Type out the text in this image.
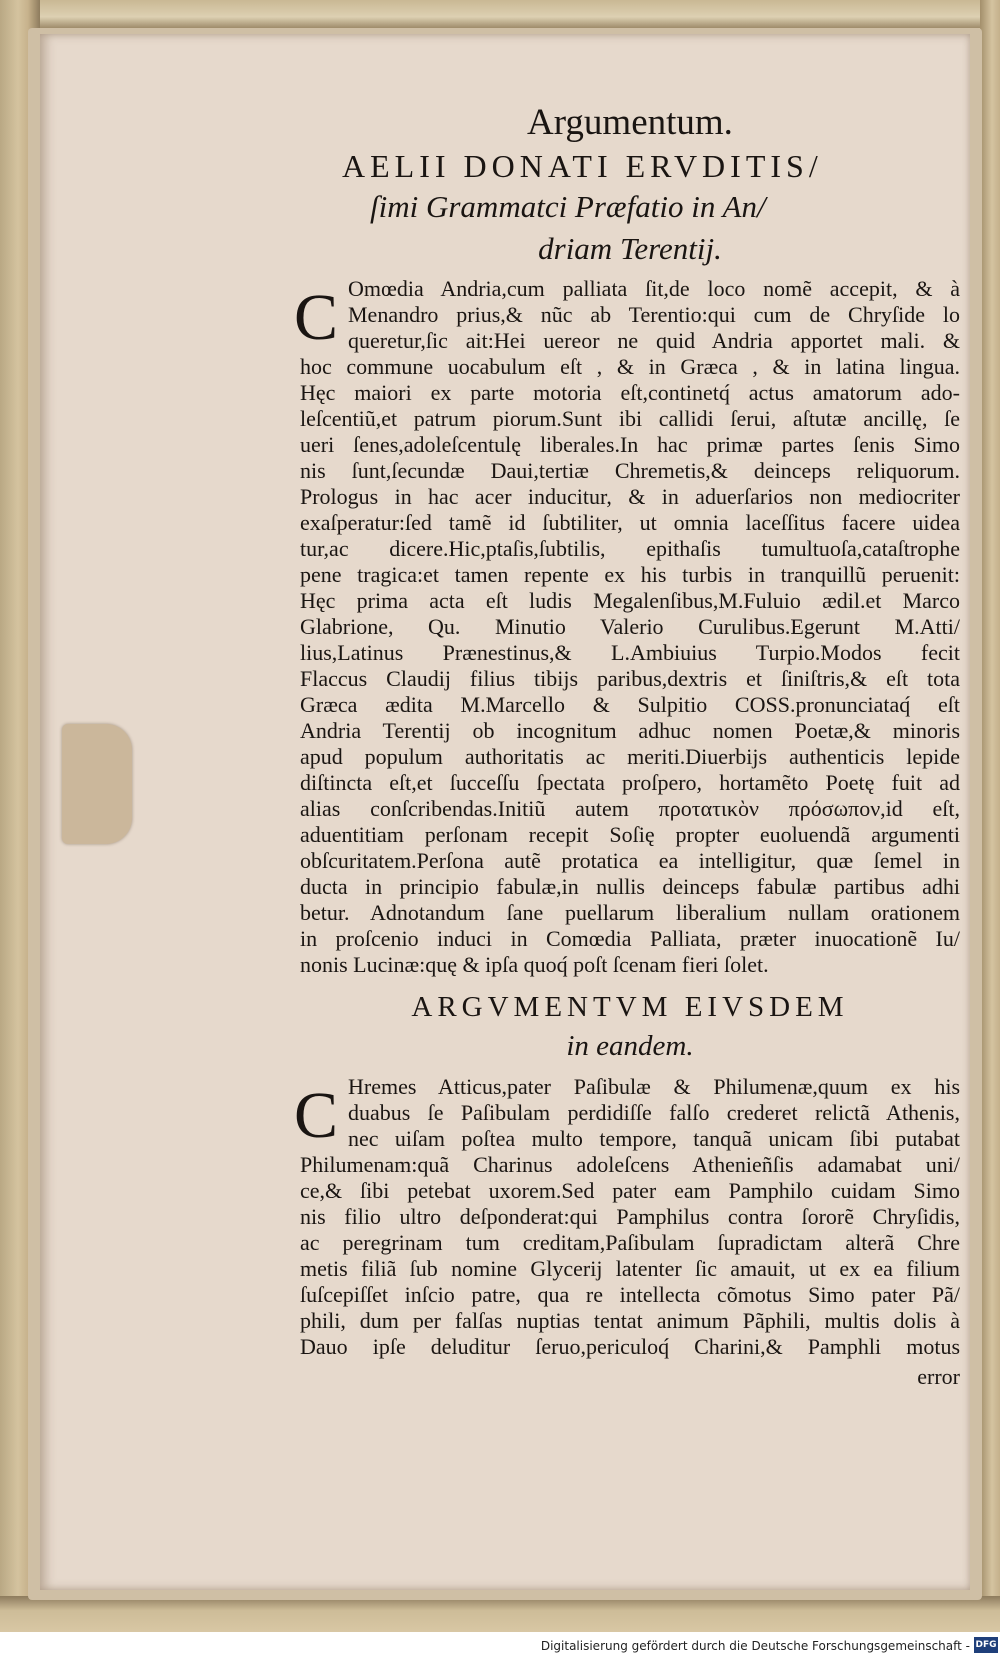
Argumentum.

AELII DONATI ERVDITIS/

ſimi Grammatci Præfatio in An/

driam Terentij.

C Omœdia Andria,cum palliata ſit,de loco nomẽ accepit, & à
Menandro prius,& nũc ab Terentio:qui cum de Chryſide lo
queretur,ſic ait:Hei uereor ne quid Andria apportet mali. &
hoc commune uocabulum eſt , & in Græca , & in latina lingua.
Hęc maiori ex parte motoria eſt,continetq́ actus amatorum ado-
leſcentiũ,et patrum piorum.Sunt ibi callidi ſerui, aſtutæ ancillę, ſe
ueri ſenes,adoleſcentulę liberales.In hac primæ partes ſenis Simo
nis ſunt,ſecundæ Daui,tertiæ Chremetis,& deinceps reliquorum.
Prologus in hac acer inducitur, & in aduerſarios non mediocriter
exaſperatur:ſed tamẽ id ſubtiliter, ut omnia laceſſitus facere uidea
tur,ac dicere.Hic,ptaſis,ſubtilis, epithaſis tumultuoſa,cataſtrophe
pene tragica:et tamen repente ex his turbis in tranquillũ peruenit:
Hęc prima acta eſt ludis Megalenſibus,M.Fuluio ædil.et Marco
Glabrione, Qu. Minutio Valerio Curulibus.Egerunt M.Atti/
lius,Latinus Prænestinus,& L.Ambiuius Turpio.Modos fecit
Flaccus Claudij filius tibijs paribus,dextris et ſiniſtris,& eſt tota
Græca ædita M.Marcello & Sulpitio COSS.pronunciataq́ eſt
Andria Terentij ob incognitum adhuc nomen Poetæ,& minoris
apud populum authoritatis ac meriti.Diuerbijs authenticis lepide
diſtincta eſt,et ſucceſſu ſpectata proſpero, hortamẽto Poetę fuit ad
alias conſcribendas.Initiũ autem προτατικὸν πρόσωπον,id eſt,
aduentitiam perſonam recepit Soſię propter euoluendã argumenti
obſcuritatem.Perſona autẽ protatica ea intelligitur, quæ ſemel in
ducta in principio fabulæ,in nullis deinceps fabulæ partibus adhi
betur. Adnotandum ſane puellarum liberalium nullam orationem
in proſcenio induci in Comœdia Palliata, præter inuocationẽ Iu/
nonis Lucinæ:quę & ipſa quoq́ poſt ſcenam fieri ſolet.

ARGVMENTVM EIVSDEM

in eandem.

C Hremes Atticus,pater Paſibulæ & Philumenæ,quum ex his
duabus ſe Paſibulam perdidiſſe falſo crederet relictã Athenis,
nec uiſam poſtea multo tempore, tanquã unicam ſibi putabat
Philumenam:quã Charinus adoleſcens Athenieñſis adamabat uni/
ce,& ſibi petebat uxorem.Sed pater eam Pamphilo cuidam Simo
nis filio ultro deſponderat:qui Pamphilus contra ſororẽ Chryſidis,
ac peregrinam tum creditam,Paſibulam ſupradictam alterã Chre
metis filiã ſub nomine Glycerij latenter ſic amauit, ut ex ea filium
ſuſcepiſſet inſcio patre, qua re intellecta cõmotus Simo pater Pã/
phili, dum per falſas nuptias tentat animum Pãphili, multis dolis à
Dauo ipſe deluditur ſeruo,periculoq́ Charini,& Pamphli motus
error
Digitalisierung gefördert durch die Deutsche Forschungsgemeinschaft - DFG
